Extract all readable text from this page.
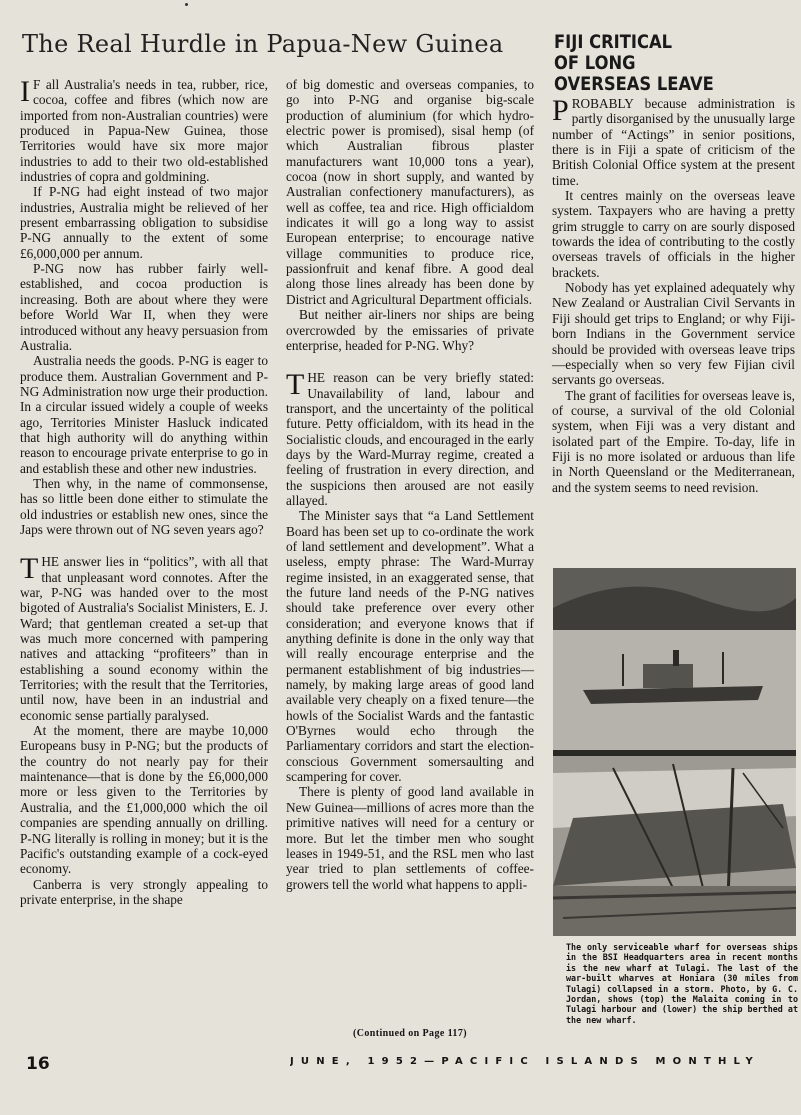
The Real Hurdle in Papua-New Guinea	FIJI CRITICAL
OF LONG
OVERSEAS LEAVE

I F all Australia's needs in tea, rubber, rice, cocoa, coffee and fibres (which now are imported from non-Australian countries) were produced in Papua-New Guinea, those Territories would have six more major industries to add to their two old-established industries of copra and goldmining.

If P-NG had eight instead of two major industries, Australia might be relieved of her present embarrassing obligation to subsidise P-NG annually to the extent of some £6,000,000 per annum.

P-NG now has rubber fairly well-established, and cocoa production is increasing. Both are about where they were before World War II, when they were introduced without any heavy persuasion from Australia.

Australia needs the goods. P-NG is eager to produce them. Australian Government and P-NG Administration now urge their production. In a circular issued widely a couple of weeks ago, Territories Minister Hasluck indicated that high authority will do anything within reason to encourage private enterprise to go in and establish these and other new industries.

Then why, in the name of commonsense, has so little been done either to stimulate the old industries or establish new ones, since the Japs were thrown out of NG seven years ago?

THE answer lies in “politics”, with all that that unpleasant word connotes. After the war, P-NG was handed over to the most bigoted of Australia's Socialist Ministers, E. J. Ward; that gentleman created a set-up that was much more concerned with pampering natives and attacking “profiteers” than in establishing a sound economy within the Territories; with the result that the Territories, until now, have been in an industrial and economic sense partially paralysed.

At the moment, there are maybe 10,000 Europeans busy in P-NG; but the products of the country do not nearly pay for their maintenance—that is done by the £6,000,000 more or less given to the Territories by Australia, and the £1,000,000 which the oil companies are spending annually on drilling. P-NG literally is rolling in money; but it is the Pacific's outstanding example of a cock-eyed economy.

Canberra is very strongly appealing to private enterprise, in the shape

of big domestic and overseas companies, to go into P-NG and organise big-scale production of aluminium (for which hydro-electric power is promised), sisal hemp (of which Australian fibrous plaster manufacturers want 10,000 tons a year), cocoa (now in short supply, and wanted by Australian confectionery manufacturers), as well as coffee, tea and rice. High officialdom indicates it will go a long way to assist European enterprise; to encourage native village communities to produce rice, passionfruit and kenaf fibre. A good deal along those lines already has been done by District and Agricultural Department officials.

But neither air-liners nor ships are being overcrowded by the emissaries of private enterprise, headed for P-NG. Why?

THE reason can be very briefly stated: Unavailability of land, labour and transport, and the uncertainty of the political future. Petty officialdom, with its head in the Socialistic clouds, and encouraged in the early days by the Ward-Murray regime, created a feeling of frustration in every direction, and the suspicions then aroused are not easily allayed.

The Minister says that “a Land Settlement Board has been set up to co-ordinate the work of land settlement and development”. What a useless, empty phrase: The Ward-Murray regime insisted, in an exaggerated sense, that the future land needs of the P-NG natives should take preference over every other consideration; and everyone knows that if anything definite is done in the only way that will really encourage enterprise and the permanent establishment of big industries—namely, by making large areas of good land available very cheaply on a fixed tenure—the howls of the Socialist Wards and the fantastic O'Byrnes would echo through the Parliamentary corridors and start the election-conscious Government somersaulting and scampering for cover.

There is plenty of good land available in New Guinea—millions of acres more than the primitive natives will need for a century or more. But let the timber men who sought leases in 1949-51, and the RSL men who last year tried to plan settlements of coffee-growers tell the world what happens to appli-

(Continued on Page 117)

PROBABLY because administration is partly disorganised by the unusually large number of “Actings” in senior positions, there is in Fiji a spate of criticism of the British Colonial Office system at the present time.

It centres mainly on the overseas leave system. Taxpayers who are having a pretty grim struggle to carry on are sourly disposed towards the idea of contributing to the costly overseas travels of officials in the higher brackets.

Nobody has yet explained adequately why New Zealand or Australian Civil Servants in Fiji should get trips to England; or why Fiji-born Indians in the Government service should be provided with overseas leave trips—especially when so very few Fijian civil servants go overseas.

The grant of facilities for overseas leave is, of course, a survival of the old Colonial system, when Fiji was a very distant and isolated part of the Empire. To-day, life in Fiji is no more isolated or arduous than life in North Queensland or the Mediterranean, and the system seems to need revision.

The only serviceable wharf for overseas ships in the BSI Headquarters area in recent months is the new wharf at Tulagi. The last of the war-built wharves at Honiara (30 miles from Tulagi) collapsed in a storm. Photo, by G. C. Jordan, shows (top) the Malaita coming in to Tulagi harbour and (lower) the ship berthed at the new wharf.
16	JUNE, 1952—PACIFIC ISLANDS MONTHLY
